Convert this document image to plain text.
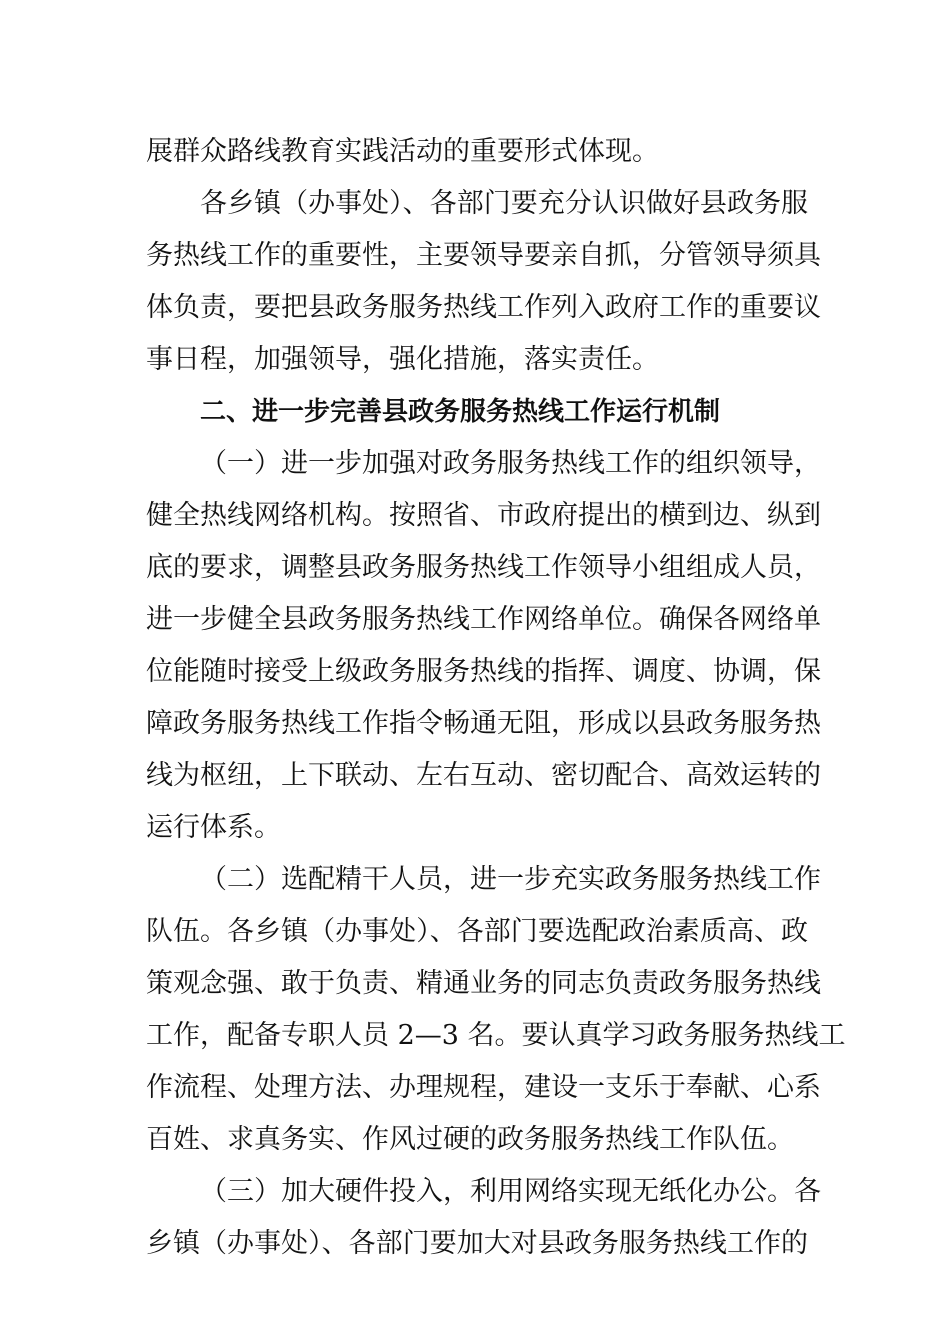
展群众路线教育实践活动的重要形式体现。
各乡镇（办事处）、各部门要充分认识做好县政务服
务热线工作的重要性，主要领导要亲自抓，分管领导须具
体负责，要把县政务服务热线工作列入政府工作的重要议
事日程，加强领导，强化措施，落实责任。
二、进一步完善县政务服务热线工作运行机制
（一）进一步加强对政务服务热线工作的组织领导，
健全热线网络机构。按照省、市政府提出的横到边、纵到
底的要求，调整县政务服务热线工作领导小组组成人员，
进一步健全县政务服务热线工作网络单位。确保各网络单
位能随时接受上级政务服务热线的指挥、调度、协调，保
障政务服务热线工作指令畅通无阻，形成以县政务服务热
线为枢纽，上下联动、左右互动、密切配合、高效运转的
运行体系。
（二）选配精干人员，进一步充实政务服务热线工作
队伍。各乡镇（办事处）、各部门要选配政治素质高、政
策观念强、敢于负责、精通业务的同志负责政务服务热线
工作，配备专职人员 2—3 名。要认真学习政务服务热线工
作流程、处理方法、办理规程，建设一支乐于奉献、心系
百姓、求真务实、作风过硬的政务服务热线工作队伍。
（三）加大硬件投入，利用网络实现无纸化办公。各
乡镇（办事处）、各部门要加大对县政务服务热线工作的
